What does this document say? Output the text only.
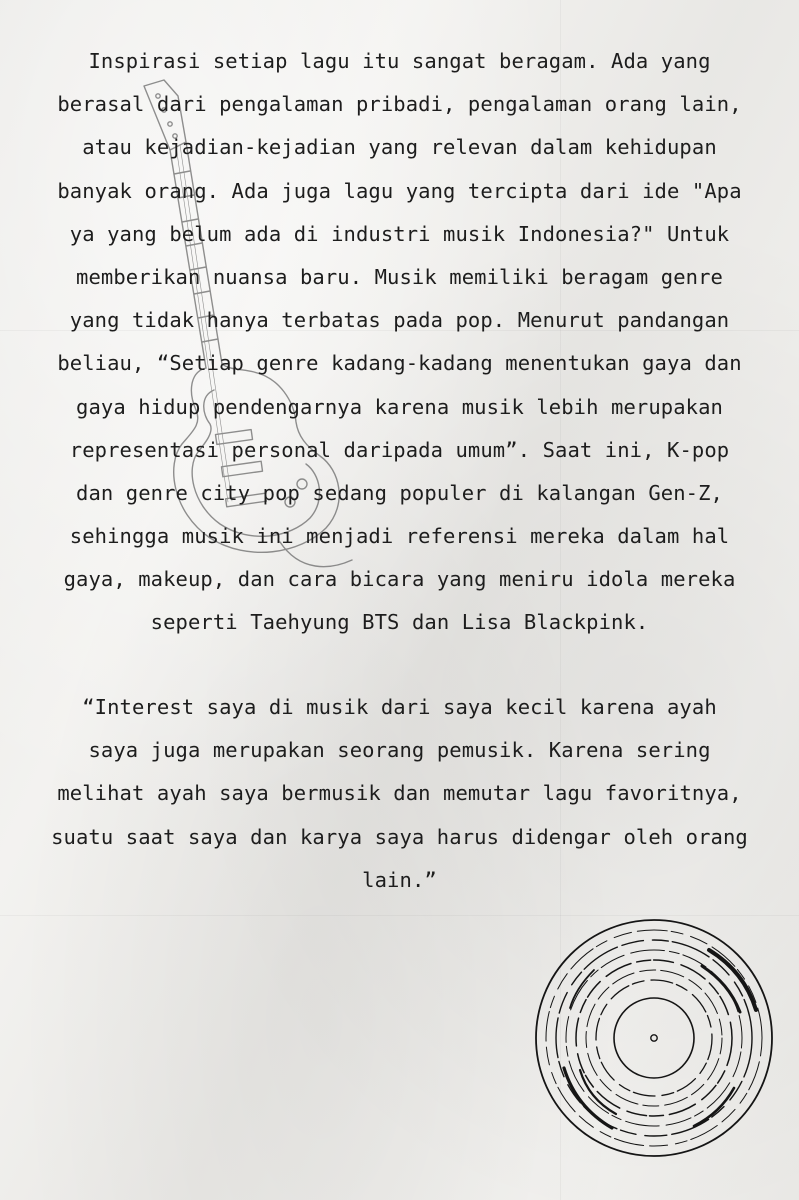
Inspirasi setiap lagu itu sangat beragam. Ada yang
berasal dari pengalaman pribadi, pengalaman orang lain,
atau kejadian-kejadian yang relevan dalam kehidupan
banyak orang. Ada juga lagu yang tercipta dari ide "Apa
ya yang belum ada di industri musik Indonesia?" Untuk
memberikan nuansa baru. Musik memiliki beragam genre
yang tidak hanya terbatas pada pop. Menurut pandangan
beliau, “Setiap genre kadang-kadang menentukan gaya dan
gaya hidup pendengarnya karena musik lebih merupakan
representasi personal daripada umum”. Saat ini, K-pop
dan genre city pop sedang populer di kalangan Gen-Z,
sehingga musik ini menjadi referensi mereka dalam hal
gaya, makeup, dan cara bicara yang meniru idola mereka
seperti Taehyung BTS dan Lisa Blackpink.
“Interest saya di musik dari saya kecil karena ayah
saya juga merupakan seorang pemusik. Karena sering
melihat ayah saya bermusik dan memutar lagu favoritnya,
suatu saat saya dan karya saya harus didengar oleh orang
lain.”
